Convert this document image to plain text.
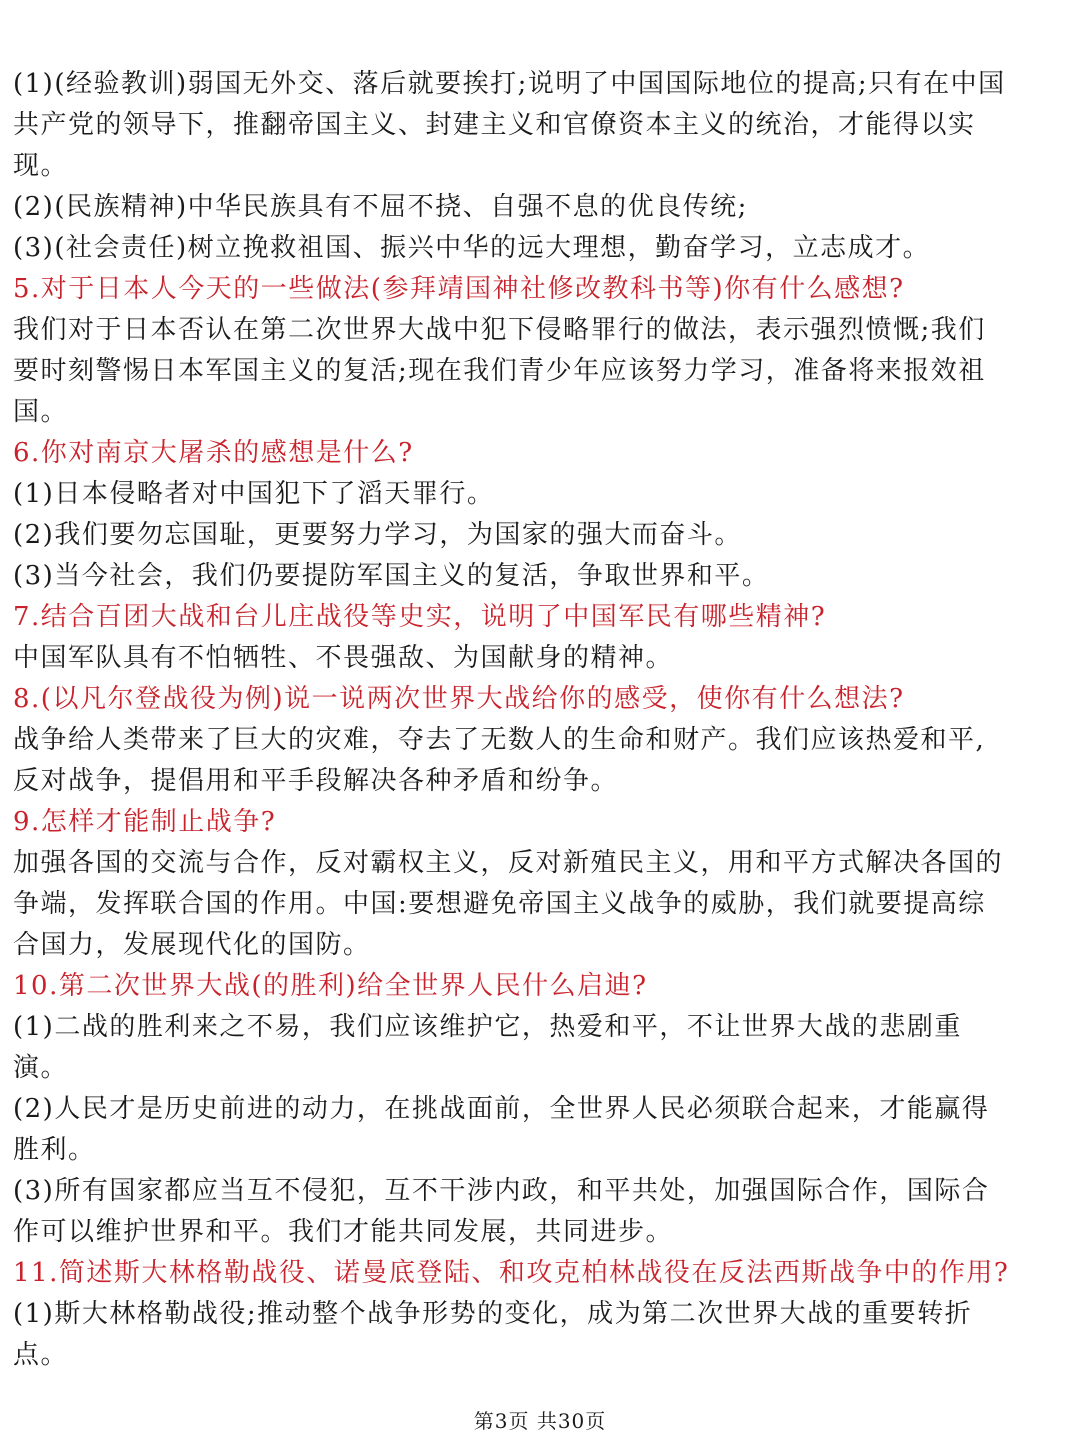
(1)(经验教训)弱国无外交、落后就要挨打;说明了中国国际地位的提高;只有在中国
共产党的领导下，推翻帝国主义、封建主义和官僚资本主义的统治，才能得以实
现。
(2)(民族精神)中华民族具有不屈不挠、自强不息的优良传统;
(3)(社会责任)树立挽救祖国、振兴中华的远大理想，勤奋学习，立志成才。
5.对于日本人今天的一些做法(参拜靖国神社修改教科书等)你有什么感想?
我们对于日本否认在第二次世界大战中犯下侵略罪行的做法，表示强烈愤慨;我们
要时刻警惕日本军国主义的复活;现在我们青少年应该努力学习，准备将来报效祖
国。
6.你对南京大屠杀的感想是什么?
(1)日本侵略者对中国犯下了滔天罪行。
(2)我们要勿忘国耻，更要努力学习，为国家的强大而奋斗。
(3)当今社会，我们仍要提防军国主义的复活，争取世界和平。
7.结合百团大战和台儿庄战役等史实，说明了中国军民有哪些精神?
中国军队具有不怕牺牲、不畏强敌、为国献身的精神。
8.(以凡尔登战役为例)说一说两次世界大战给你的感受，使你有什么想法?
战争给人类带来了巨大的灾难，夺去了无数人的生命和财产。我们应该热爱和平,
反对战争，提倡用和平手段解决各种矛盾和纷争。
9.怎样才能制止战争?
加强各国的交流与合作，反对霸权主义，反对新殖民主义，用和平方式解决各国的
争端，发挥联合国的作用。中国:要想避免帝国主义战争的威胁，我们就要提高综
合国力，发展现代化的国防。
10.第二次世界大战(的胜利)给全世界人民什么启迪?
(1)二战的胜利来之不易，我们应该维护它，热爱和平，不让世界大战的悲剧重
演。
(2)人民才是历史前进的动力，在挑战面前，全世界人民必须联合起来，才能赢得
胜利。
(3)所有国家都应当互不侵犯，互不干涉内政，和平共处，加强国际合作，国际合
作可以维护世界和平。我们才能共同发展，共同进步。
11.简述斯大林格勒战役、诺曼底登陆、和攻克柏林战役在反法西斯战争中的作用?
(1)斯大林格勒战役;推动整个战争形势的变化，成为第二次世界大战的重要转折
点。
第3页 共30页
